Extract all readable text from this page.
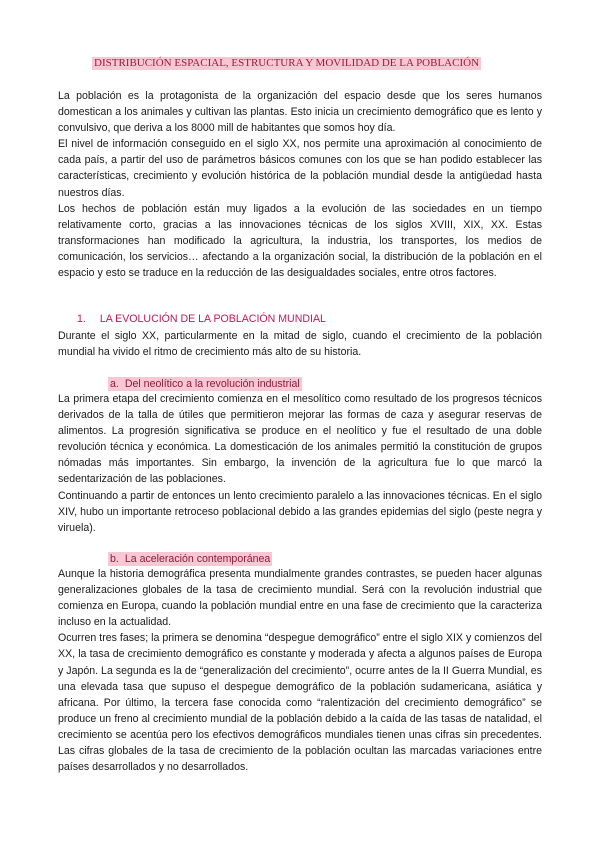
DISTRIBUCIÓN ESPACIAL, ESTRUCTURA Y MOVILIDAD DE LA POBLACIÓN

La población es la protagonista de la organización del espacio desde que los seres humanos domestican a los animales y cultivan las plantas. Esto inicia un crecimiento demográfico que es lento y convulsivo, que deriva a los 8000 mill de habitantes que somos hoy día.

El nivel de información conseguido en el siglo XX, nos permite una aproximación al conocimiento de cada país, a partir del uso de parámetros básicos comunes con los que se han podido establecer las características, crecimiento y evolución histórica de la población mundial desde la antigüedad hasta nuestros días.

Los hechos de población están muy ligados a la evolución de las sociedades en un tiempo relativamente corto, gracias a las innovaciones técnicas de los siglos XVIII, XIX, XX. Estas transformaciones han modificado la agricultura, la industria, los transportes, los medios de comunicación, los servicios… afectando a la organización social, la distribución de la población en el espacio y esto se traduce en la reducción de las desigualdades sociales, entre otros factores.

1. LA EVOLUCIÓN DE LA POBLACIÓN MUNDIAL

Durante el siglo XX, particularmente en la mitad de siglo, cuando el crecimiento de la población mundial ha vivido el ritmo de crecimiento más alto de su historia.

a. Del neolítico a la revolución industrial

La primera etapa del crecimiento comienza en el mesolítico como resultado de los progresos técnicos derivados de la talla de útiles que permitieron mejorar las formas de caza y asegurar reservas de alimentos. La progresión significativa se produce en el neolítico y fue el resultado de una doble revolución técnica y económica. La domesticación de los animales permitió la constitución de grupos nómadas más importantes. Sin embargo, la invención de la agricultura fue lo que marcó la sedentarización de las poblaciones.

Continuando a partir de entonces un lento crecimiento paralelo a las innovaciones técnicas. En el siglo XIV, hubo un importante retroceso poblacional debido a las grandes epidemias del siglo (peste negra y viruela).

b. La aceleración contemporánea

Aunque la historia demográfica presenta mundialmente grandes contrastes, se pueden hacer algunas generalizaciones globales de la tasa de crecimiento mundial. Será con la revolución industrial que comienza en Europa, cuando la población mundial entre en una fase de crecimiento que la caracteriza incluso en la actualidad.

Ocurren tres fases; la primera se denomina “despegue demográfico” entre el siglo XIX y comienzos del XX, la tasa de crecimiento demográfico es constante y moderada y afecta a algunos países de Europa y Japón. La segunda es la de “generalización del crecimiento”, ocurre antes de la II Guerra Mundial, es una elevada tasa que supuso el despegue demográfico de la población sudamericana, asiática y africana. Por último, la tercera fase conocida como “ralentización del crecimiento demográfico” se produce un freno al crecimiento mundial de la población debido a la caída de las tasas de natalidad, el crecimiento se acentúa pero los efectivos demográficos mundiales tienen unas cifras sin precedentes. Las cifras globales de la tasa de crecimiento de la población ocultan las marcadas variaciones entre países desarrollados y no desarrollados.
